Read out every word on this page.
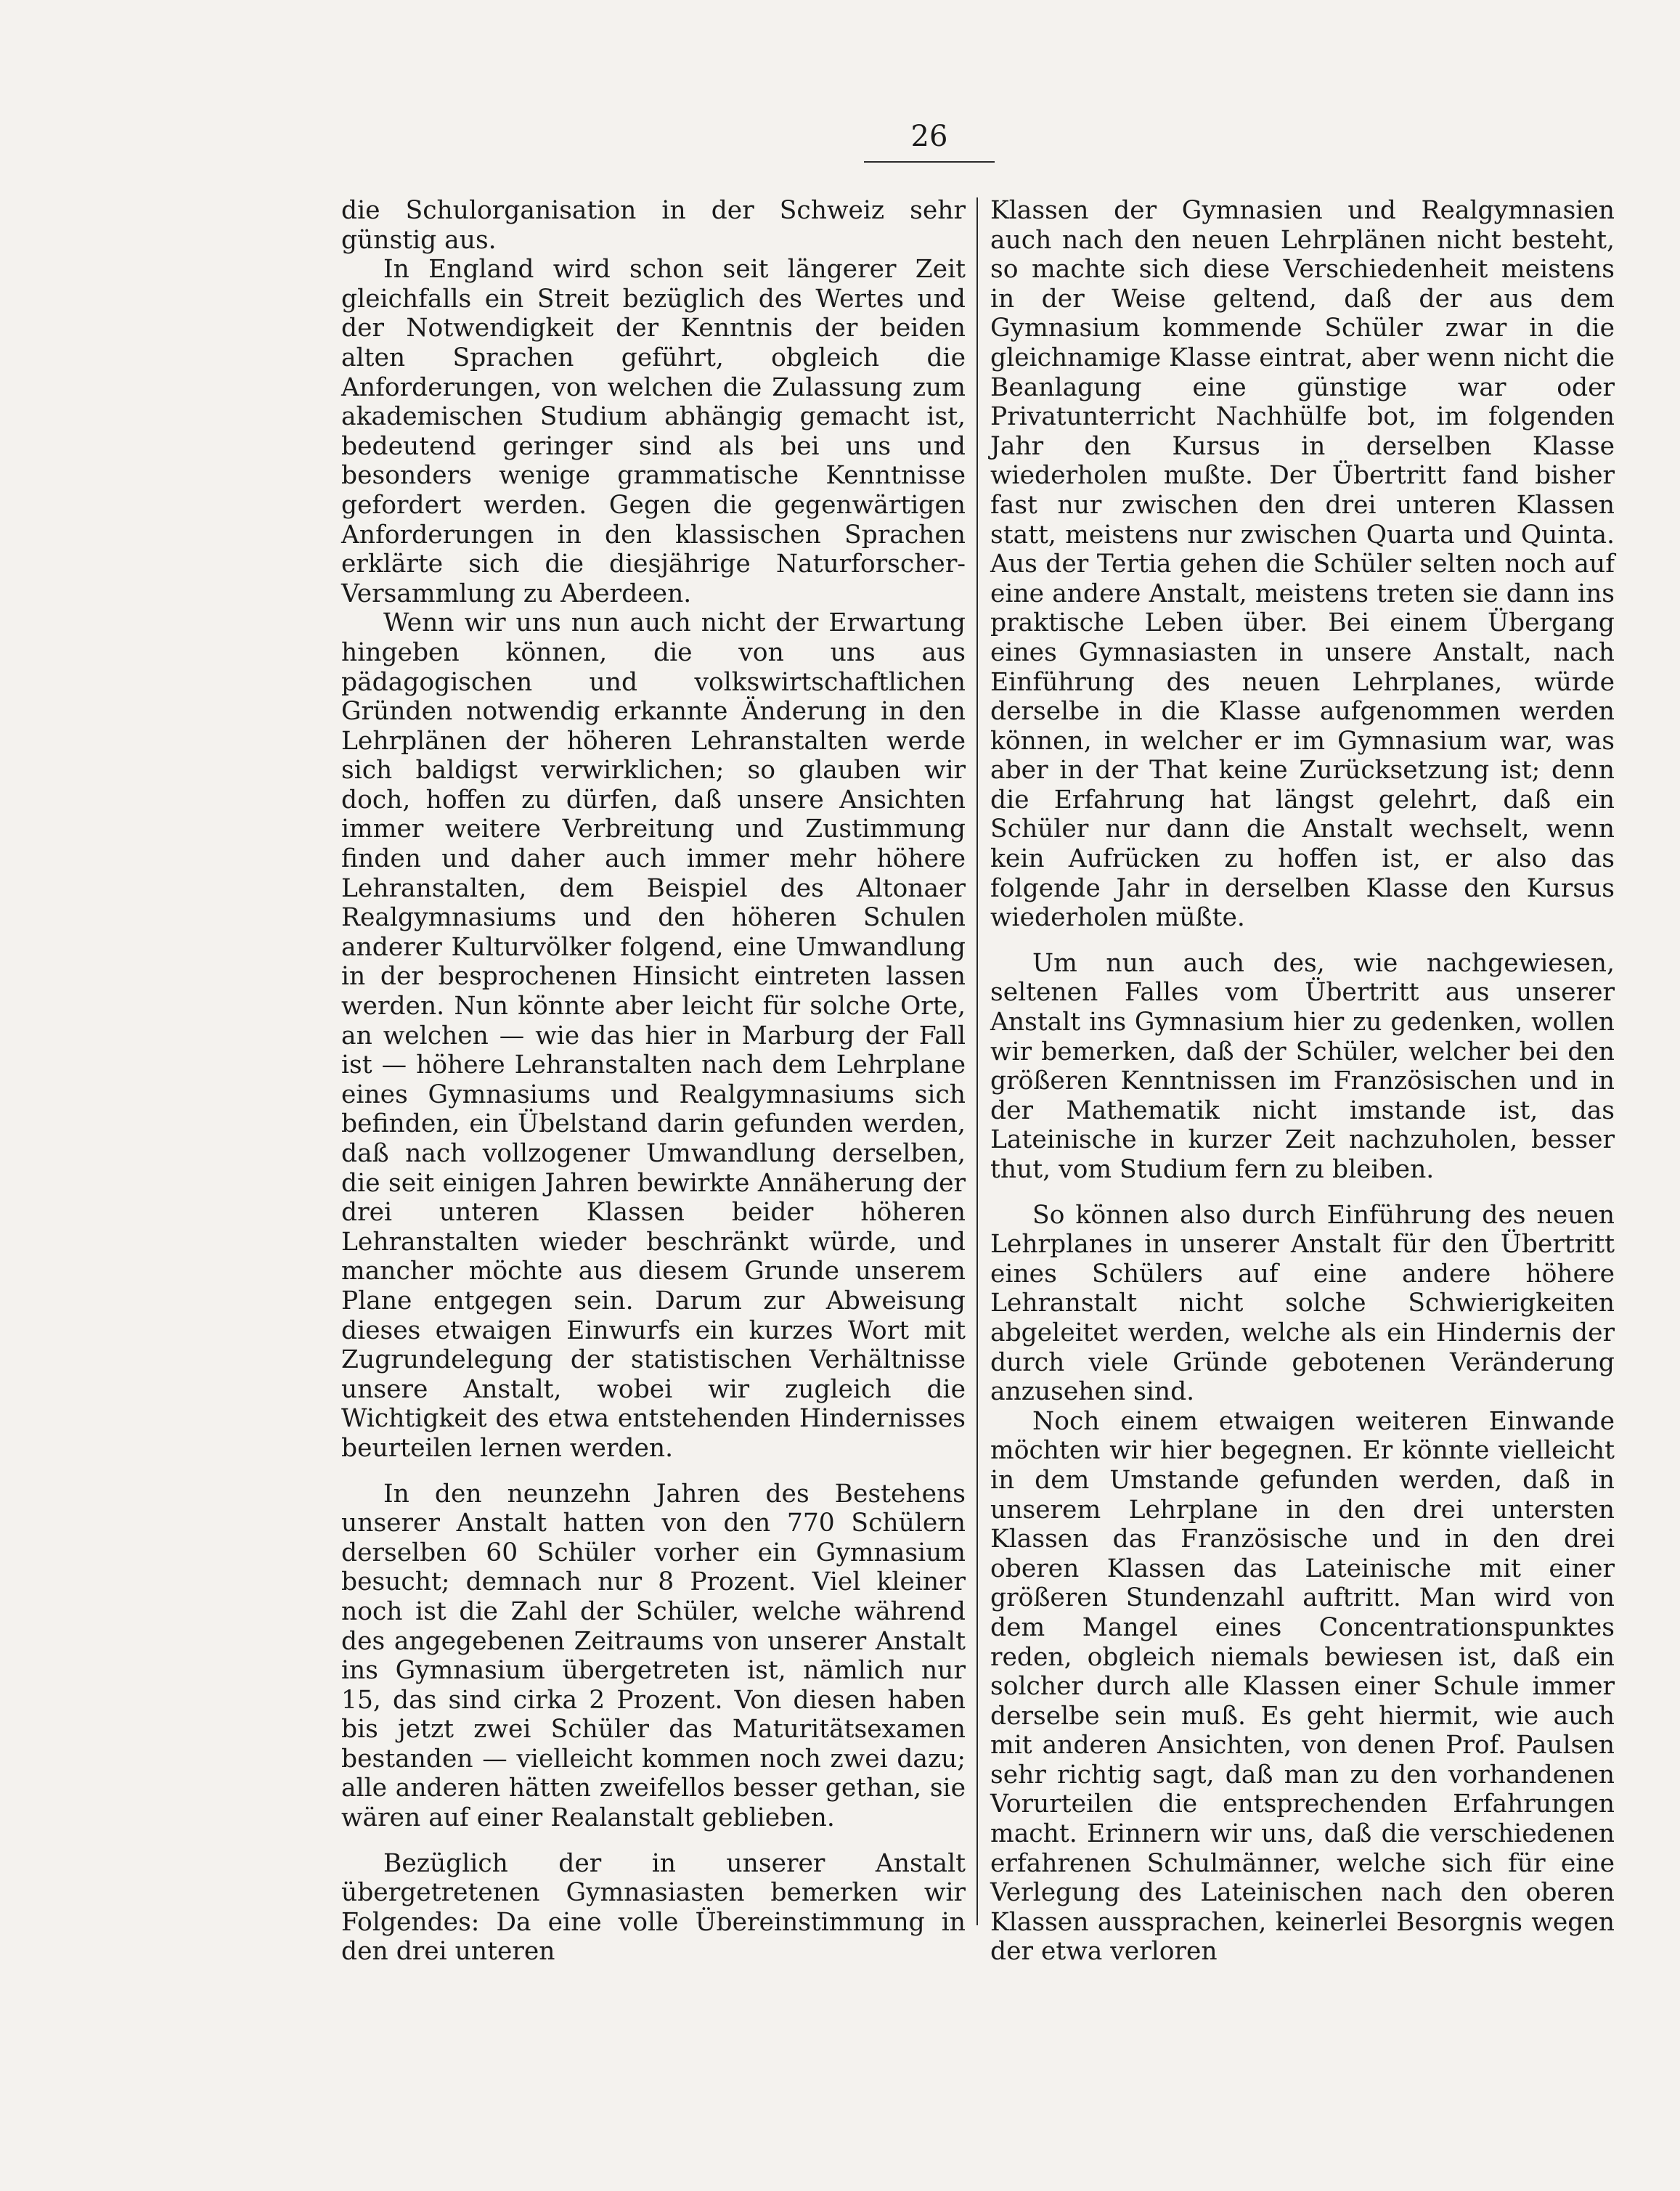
26

die Schulorganisation in der Schweiz sehr günstig aus.

In England wird schon seit längerer Zeit gleichfalls ein Streit bezüglich des Wertes und der Notwendigkeit der Kenntnis der beiden alten Sprachen geführt, obgleich die Anforderungen, von welchen die Zulassung zum akademischen Studium abhängig gemacht ist, bedeutend geringer sind als bei uns und besonders wenige grammatische Kenntnisse gefordert werden. Gegen die gegenwärtigen Anforderungen in den klassischen Sprachen erklärte sich die diesjährige Naturforscher-Versammlung zu Aberdeen.

Wenn wir uns nun auch nicht der Erwartung hingeben können, die von uns aus pädagogischen und volkswirtschaftlichen Gründen notwendig erkannte Änderung in den Lehrplänen der höheren Lehranstalten werde sich baldigst verwirklichen; so glauben wir doch, hoffen zu dürfen, daß unsere Ansichten immer weitere Verbreitung und Zustimmung finden und daher auch immer mehr höhere Lehranstalten, dem Beispiel des Altonaer Realgymnasiums und den höheren Schulen anderer Kulturvölker folgend, eine Umwandlung in der besprochenen Hinsicht eintreten lassen werden. Nun könnte aber leicht für solche Orte, an welchen — wie das hier in Marburg der Fall ist — höhere Lehranstalten nach dem Lehrplane eines Gymnasiums und Realgymnasiums sich befinden, ein Übelstand darin gefunden werden, daß nach vollzogener Umwandlung derselben, die seit einigen Jahren bewirkte Annäherung der drei unteren Klassen beider höheren Lehranstalten wieder beschränkt würde, und mancher möchte aus diesem Grunde unserem Plane entgegen sein. Darum zur Abweisung dieses etwaigen Einwurfs ein kurzes Wort mit Zugrundelegung der statistischen Verhältnisse unsere Anstalt, wobei wir zugleich die Wichtigkeit des etwa entstehenden Hindernisses beurteilen lernen werden.

In den neunzehn Jahren des Bestehens unserer Anstalt hatten von den 770 Schülern derselben 60 Schüler vorher ein Gymnasium besucht; demnach nur 8 Prozent. Viel kleiner noch ist die Zahl der Schüler, welche während des angegebenen Zeitraums von unserer Anstalt ins Gymnasium übergetreten ist, nämlich nur 15, das sind cirka 2 Prozent. Von diesen haben bis jetzt zwei Schüler das Maturitätsexamen bestanden — vielleicht kommen noch zwei dazu; alle anderen hätten zweifellos besser gethan, sie wären auf einer Realanstalt geblieben.

Bezüglich der in unserer Anstalt übergetretenen Gymnasiasten bemerken wir Folgendes: Da eine volle Übereinstimmung in den drei unteren

Klassen der Gymnasien und Realgymnasien auch nach den neuen Lehrplänen nicht besteht, so machte sich diese Verschiedenheit meistens in der Weise geltend, daß der aus dem Gymnasium kommende Schüler zwar in die gleichnamige Klasse eintrat, aber wenn nicht die Beanlagung eine günstige war oder Privatunterricht Nachhülfe bot, im folgenden Jahr den Kursus in derselben Klasse wiederholen mußte. Der Übertritt fand bisher fast nur zwischen den drei unteren Klassen statt, meistens nur zwischen Quarta und Quinta. Aus der Tertia gehen die Schüler selten noch auf eine andere Anstalt, meistens treten sie dann ins praktische Leben über. Bei einem Übergang eines Gymnasiasten in unsere Anstalt, nach Einführung des neuen Lehrplanes, würde derselbe in die Klasse aufgenommen werden können, in welcher er im Gymnasium war, was aber in der That keine Zurücksetzung ist; denn die Erfahrung hat längst gelehrt, daß ein Schüler nur dann die Anstalt wechselt, wenn kein Aufrücken zu hoffen ist, er also das folgende Jahr in derselben Klasse den Kursus wiederholen müßte.

Um nun auch des, wie nachgewiesen, seltenen Falles vom Übertritt aus unserer Anstalt ins Gymnasium hier zu gedenken, wollen wir bemerken, daß der Schüler, welcher bei den größeren Kenntnissen im Französischen und in der Mathematik nicht imstande ist, das Lateinische in kurzer Zeit nachzuholen, besser thut, vom Studium fern zu bleiben.

So können also durch Einführung des neuen Lehrplanes in unserer Anstalt für den Übertritt eines Schülers auf eine andere höhere Lehranstalt nicht solche Schwierigkeiten abgeleitet werden, welche als ein Hindernis der durch viele Gründe gebotenen Veränderung anzusehen sind.

Noch einem etwaigen weiteren Einwande möchten wir hier begegnen. Er könnte vielleicht in dem Umstande gefunden werden, daß in unserem Lehrplane in den drei untersten Klassen das Französische und in den drei oberen Klassen das Lateinische mit einer größeren Stundenzahl auftritt. Man wird von dem Mangel eines Concentrationspunktes reden, obgleich niemals bewiesen ist, daß ein solcher durch alle Klassen einer Schule immer derselbe sein muß. Es geht hiermit, wie auch mit anderen Ansichten, von denen Prof. Paulsen sehr richtig sagt, daß man zu den vorhandenen Vorurteilen die entsprechenden Erfahrungen macht. Erinnern wir uns, daß die verschiedenen erfahrenen Schulmänner, welche sich für eine Verlegung des Lateinischen nach den oberen Klassen aussprachen, keinerlei Besorgnis wegen der etwa verloren
